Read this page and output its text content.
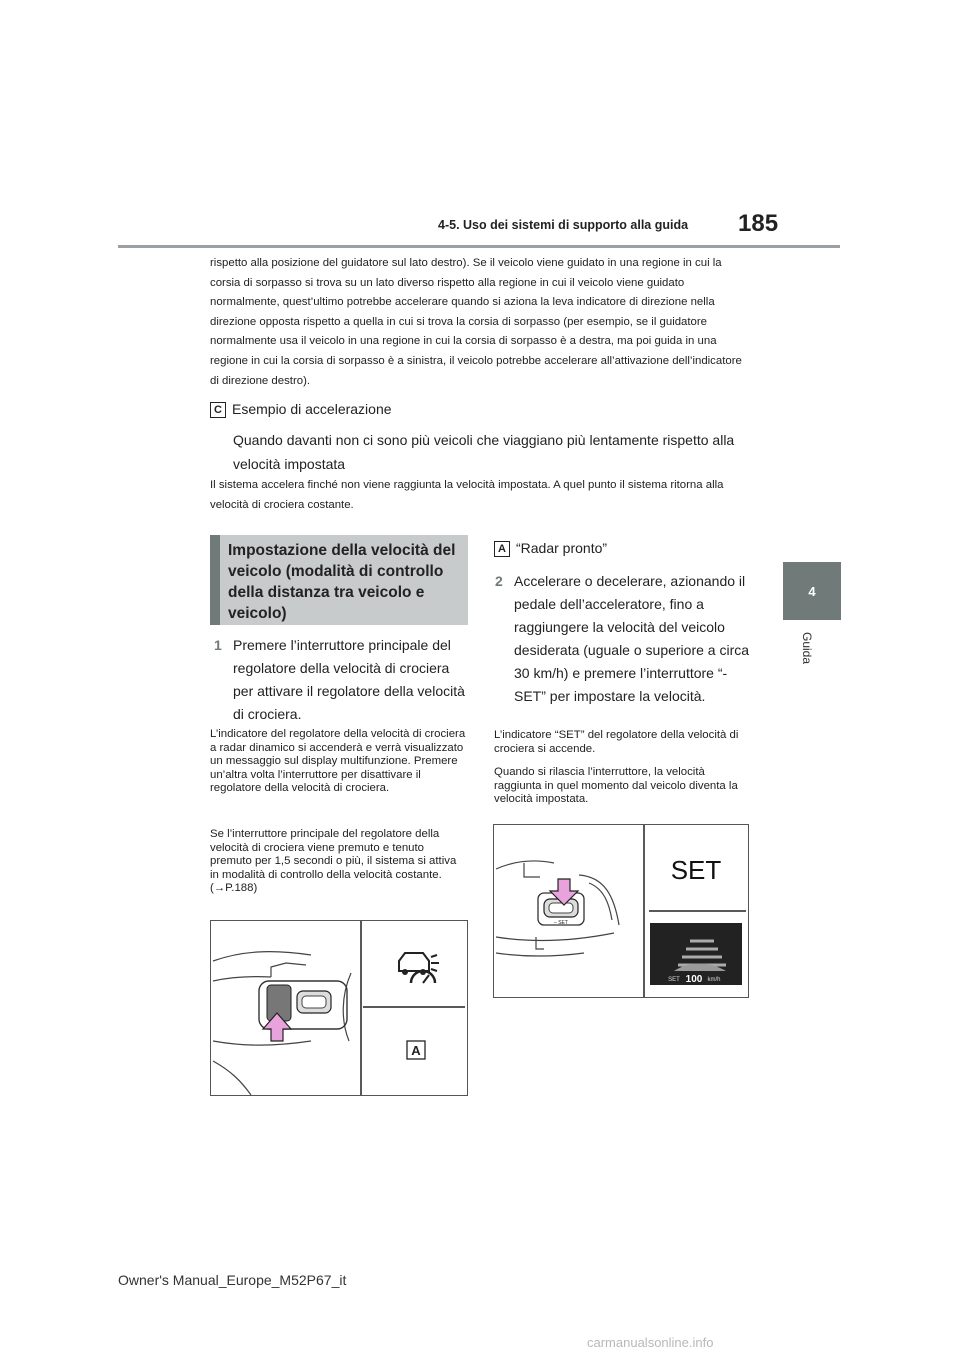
4-5. Uso dei sistemi di supporto alla guida 185
4
Guida

rispetto alla posizione del guidatore sul lato destro). Se il veicolo viene guidato in una regione in cui la corsia di sorpasso si trova su un lato diverso rispetto alla regione in cui il veicolo viene guidato normalmente, quest’ultimo potrebbe accelerare quando si aziona la leva indicatore di direzione nella direzione opposta rispetto a quella in cui si trova la corsia di sorpasso (per esempio, se il guidatore normalmente usa il veicolo in una regione in cui la corsia di sorpasso è a destra, ma poi guida in una regione in cui la corsia di sorpasso è a sinistra, il veicolo potrebbe accelerare all’attivazione dell’indicatore di direzione destro).

C Esempio di accelerazione

Quando davanti non ci sono più veicoli che viaggiano più lentamente rispetto alla velocità impostata

Il sistema accelera finché non viene raggiunta la velocità impostata. A quel punto il sistema ritorna alla velocità di crociera costante.

Impostazione della velocità del veicolo (modalità di controllo della distanza tra veicolo e veicolo)

1 Premere l’interruttore principale del regolatore della velocità di crociera per attivare il regolatore della velocità di crociera.

L’indicatore del regolatore della velocità di crociera a radar dinamico si accenderà e verrà visualizzato un messaggio sul display multifunzione. Premere un’altra volta l’interruttore per disattivare il regolatore della velocità di crociera.

Se l’interruttore principale del regolatore della velocità di crociera viene premuto e tenuto premuto per 1,5 secondi o più, il sistema si attiva in modalità di controllo della velocità costante. (→P.188)

A “Radar pronto”
2 Accelerare o decelerare, azionando il pedale dell’acceleratore, fino a raggiungere la velocità del veicolo desiderata (uguale o superiore a circa 30 km/h) e premere l’interruttore “-SET” per impostare la velocità.

L’indicatore “SET” del regolatore della velocità di crociera si accende.

Quando si rilascia l’interruttore, la velocità raggiunta in quel momento dal veicolo diventa la velocità impostata.

A
– SET
SET
SET 100 km/h
Owner's Manual_Europe_M52P67_it
carmanualsonline.info
